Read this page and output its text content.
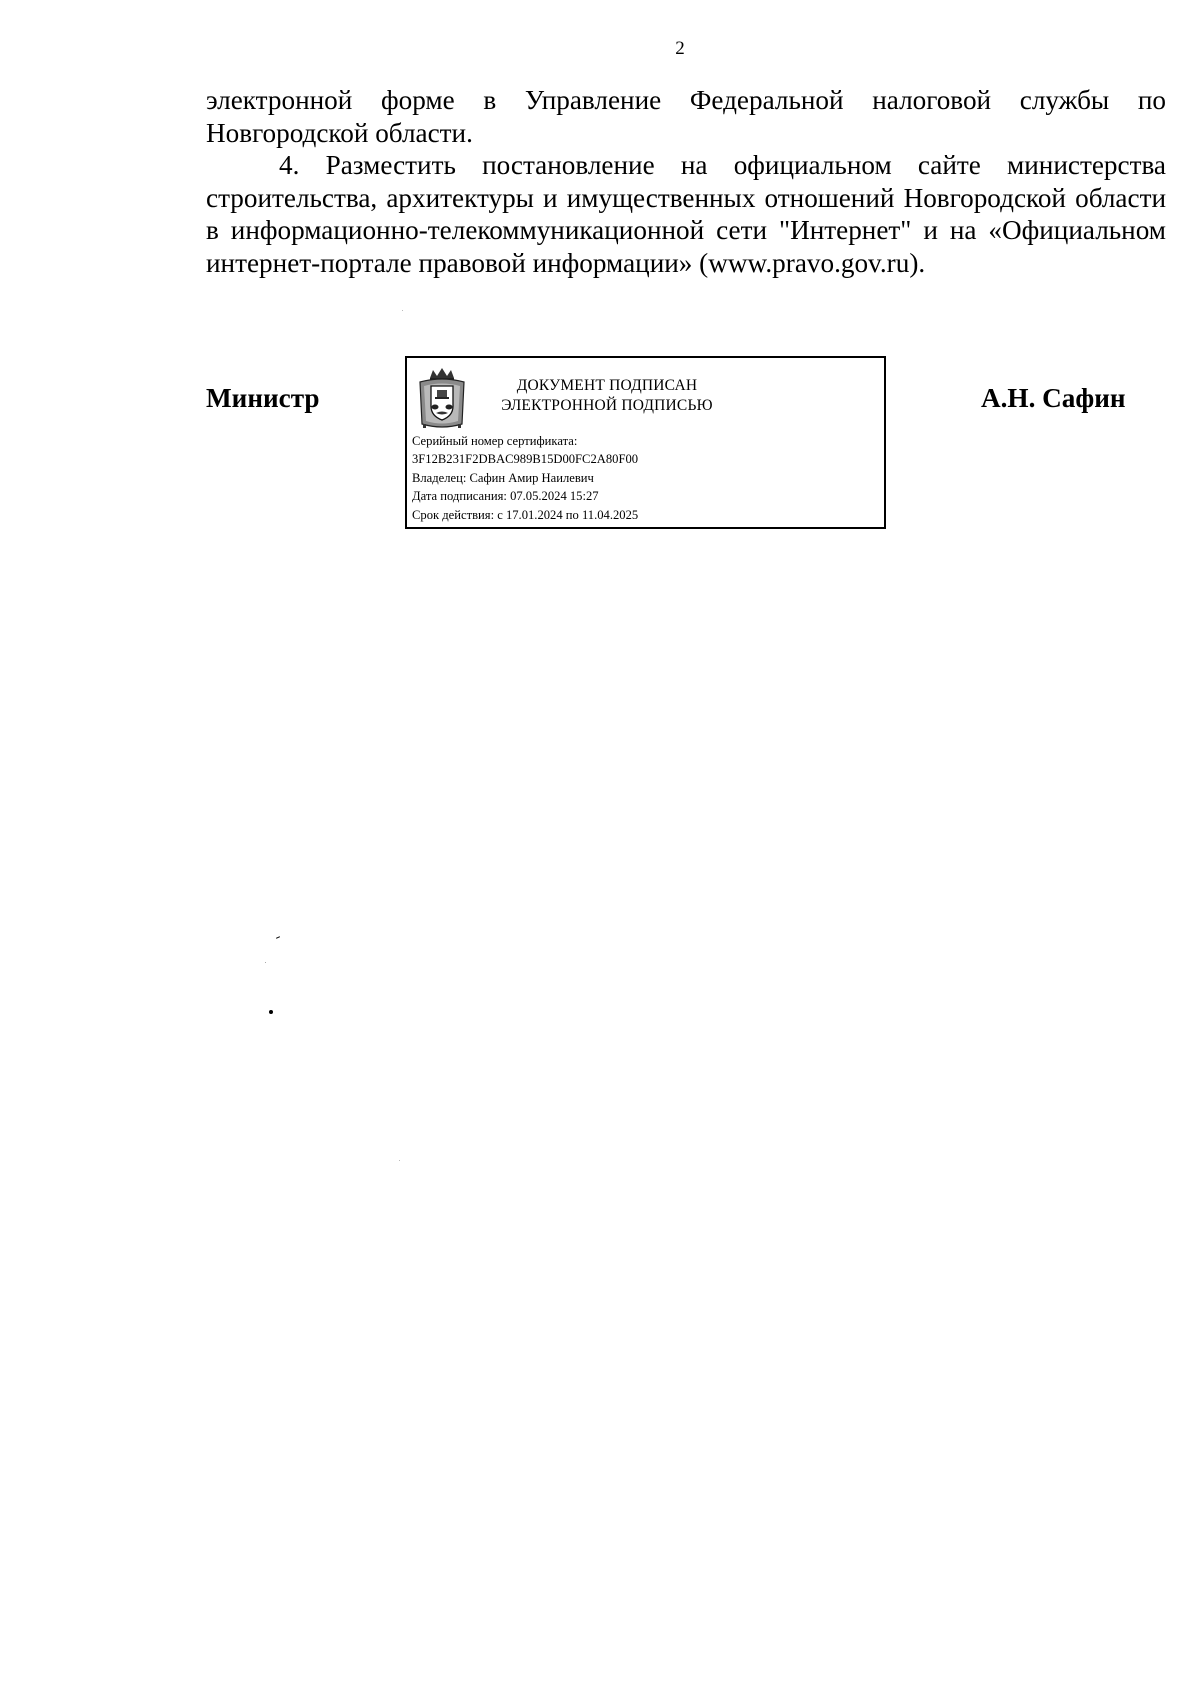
2

электронной форме в Управление Федеральной налоговой службы по Новгородской области.

4. Разместить постановление на официальном сайте министерства строительства, архитектуры и имущественных отношений Новгородской области в информационно-телекоммуникационной сети "Интернет" и на «Официальном интернет-портале правовой информации» (www.pravo.gov.ru).

Министр	ДОКУМЕНТ ПОДПИСАН
ЭЛЕКТРОННОЙ ПОДПИСЬЮ
Серийный номер сертификата:
3F12B231F2DBAC989B15D00FC2A80F00
Владелец: Сафин Амир Наилевич
Дата подписания: 07.05.2024 15:27
Срок действия: с 17.01.2024 по 11.04.2025
А.Н. Сафин
